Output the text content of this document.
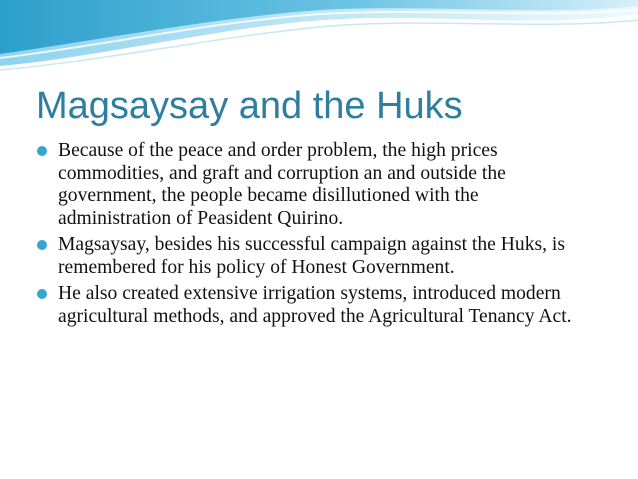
Magsaysay and the Huks
Because of the peace and order problem, the high prices commodities, and graft and corruption an and outside the government, the people became disillutioned with the administration of Peasident Quirino.
Magsaysay, besides his successful campaign against the Huks, is remembered for his policy of Honest Government.
He also created extensive irrigation systems, introduced modern agricultural methods, and approved the Agricultural Tenancy Act.
